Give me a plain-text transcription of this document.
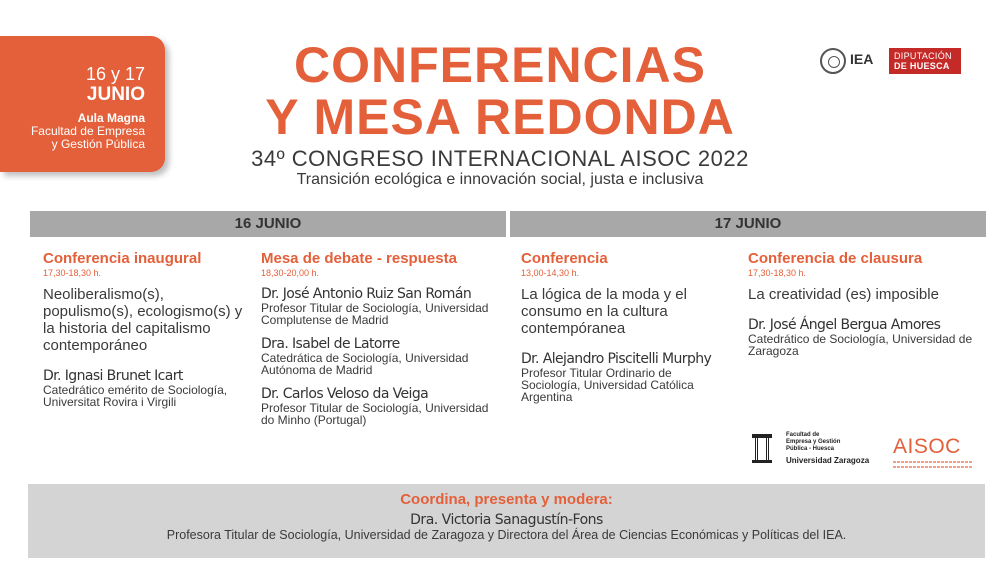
16 y 17
JUNIO
Aula Magna
Facultad de Empresa
y Gestión Pública
CONFERENCIAS
Y MESA REDONDA
34º CONGRESO INTERNACIONAL AISOC 2022
Transición ecológica e innovación social, justa e inclusiva
IEA
	DIPUTACIÓN
DE HUESCA
16 JUNIO	17 JUNIO
Conferencia inaugural
17,30-18,30 h.
Neoliberalismo(s), populismo(s), ecologismo(s) y la historia del capitalismo contemporáneo
Dr. Ignasi Brunet Icart
Catedrático emérito de Sociología, Universitat Rovira i Virgili
Mesa de debate - respuesta
18,30-20,00 h.
Dr. José Antonio Ruiz San Román
Profesor Titular de Sociología, Universidad Complutense de Madrid
Dra. Isabel de Latorre
Catedrática de Sociología, Universidad Autónoma de Madrid
Dr. Carlos Veloso da Veiga
Profesor Titular de Sociología, Universidad do Minho (Portugal)
Conferencia
13,00-14,30 h.
La lógica de la moda y el consumo en la cultura contempóranea
Dr. Alejandro Piscitelli Murphy
Profesor Titular Ordinario de Sociología, Universidad Católica Argentina
Conferencia de clausura
17,30-18,30 h.
La creatividad (es) imposible
Dr. José Ángel Bergua Amores
Catedrático de Sociología, Universidad de Zaragoza
Facultad de
Empresa y Gestión
Pública - Huesca
Universidad Zaragoza
AISOC
Coordina, presenta y modera:
Dra. Victoria Sanagustín-Fons
Profesora Titular de Sociología, Universidad de Zaragoza y Directora del Área de Ciencias Económicas y Políticas del IEA.
